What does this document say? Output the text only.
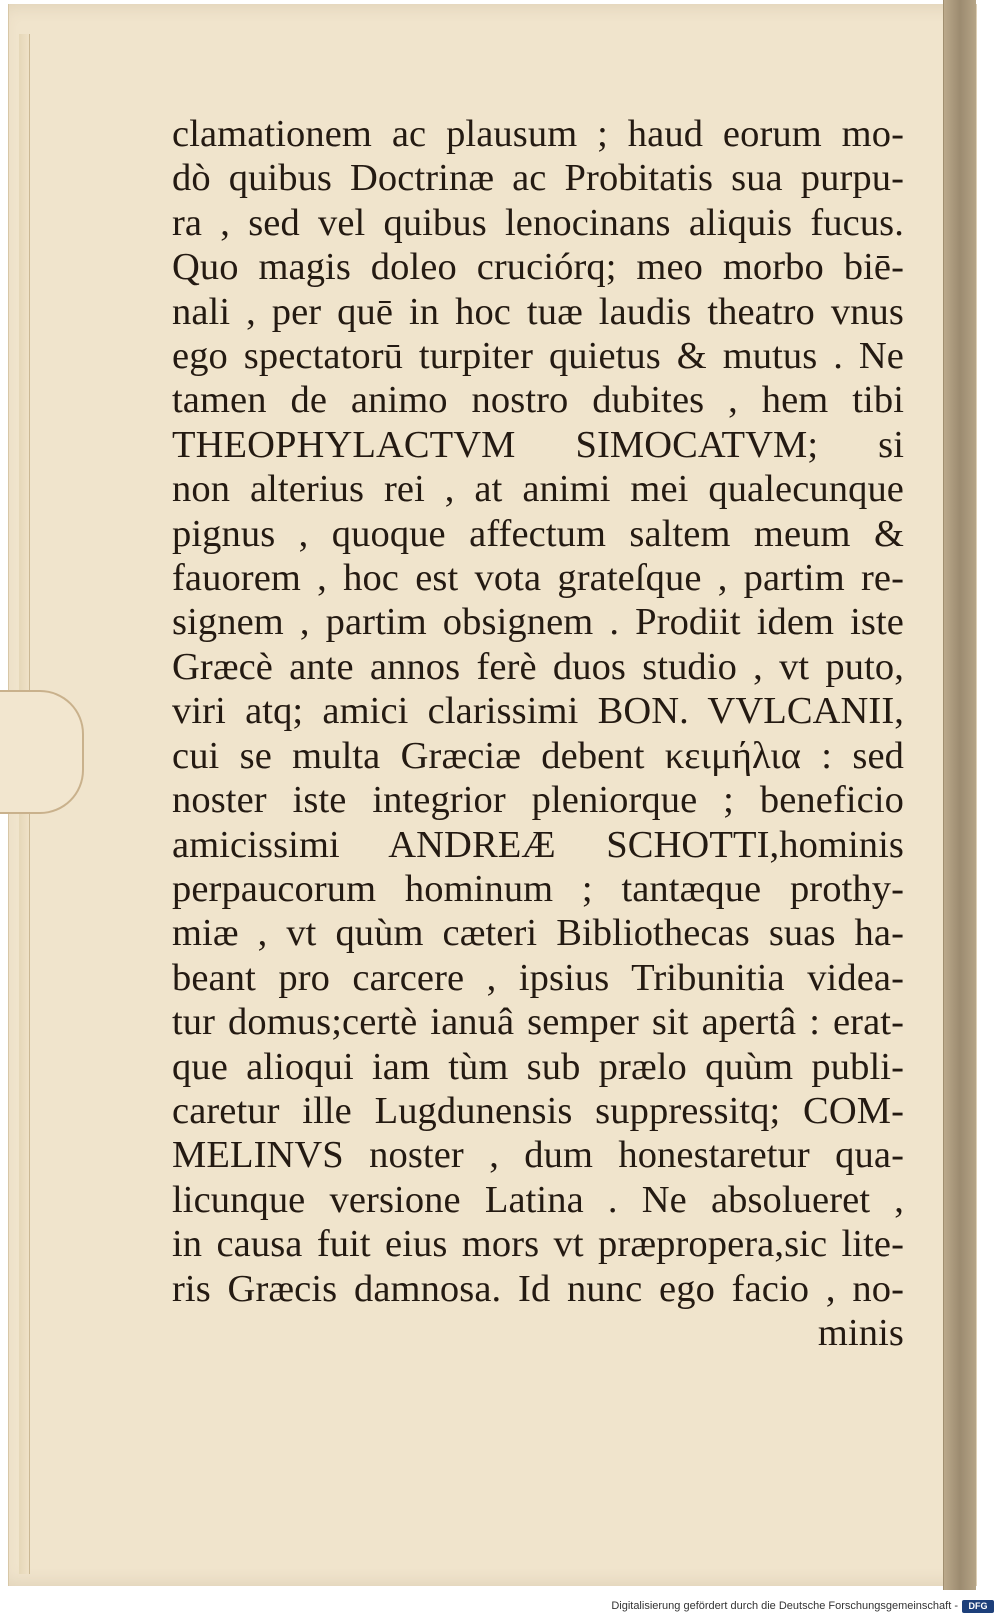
clamationem ac plausum ; haud eorum mo-
dò quibus Doctrinæ ac Probitatis sua purpu-
ra , sed vel quibus lenocinans aliquis fucus.
Quo magis doleo cruciórq; meo morbo biē-
nali , per quē in hoc tuæ laudis theatro vnus
ego spectatorū turpiter quietus & mutus . Ne
tamen de animo nostro dubites , hem tibi
THEOPHYLACTVM SIMOCATVM; si
non alterius rei , at animi mei qualecunque
pignus , quoque affectum saltem meum &
fauorem , hoc est vota grateſque , partim re-
signem , partim obsignem . Prodiit idem iste
Græcè ante annos ferè duos studio , vt puto,
viri atq; amici clarissimi BON. VVLCANII,
cui se multa Græciæ debent κειμήλια : sed
noster iste integrior pleniorque ; beneficio
amicissimi ANDREÆ SCHOTTI,hominis
perpaucorum hominum ; tantæque prothy-
miæ , vt quùm cæteri Bibliothecas suas ha-
beant pro carcere , ipsius Tribunitia videa-
tur domus;certè ianuâ semper sit apertâ : erat-
que alioqui iam tùm sub prælo quùm publi-
caretur ille Lugdunensis suppressitq; COM-
MELINVS noster , dum honestaretur qua-
licunque versione Latina . Ne absolueret ,
in causa fuit eius mors vt præpropera,sic lite-
ris Græcis damnosa. Id nunc ego facio , no-
minis
Digitalisierung gefördert durch die Deutsche Forschungsgemeinschaft - DFG
